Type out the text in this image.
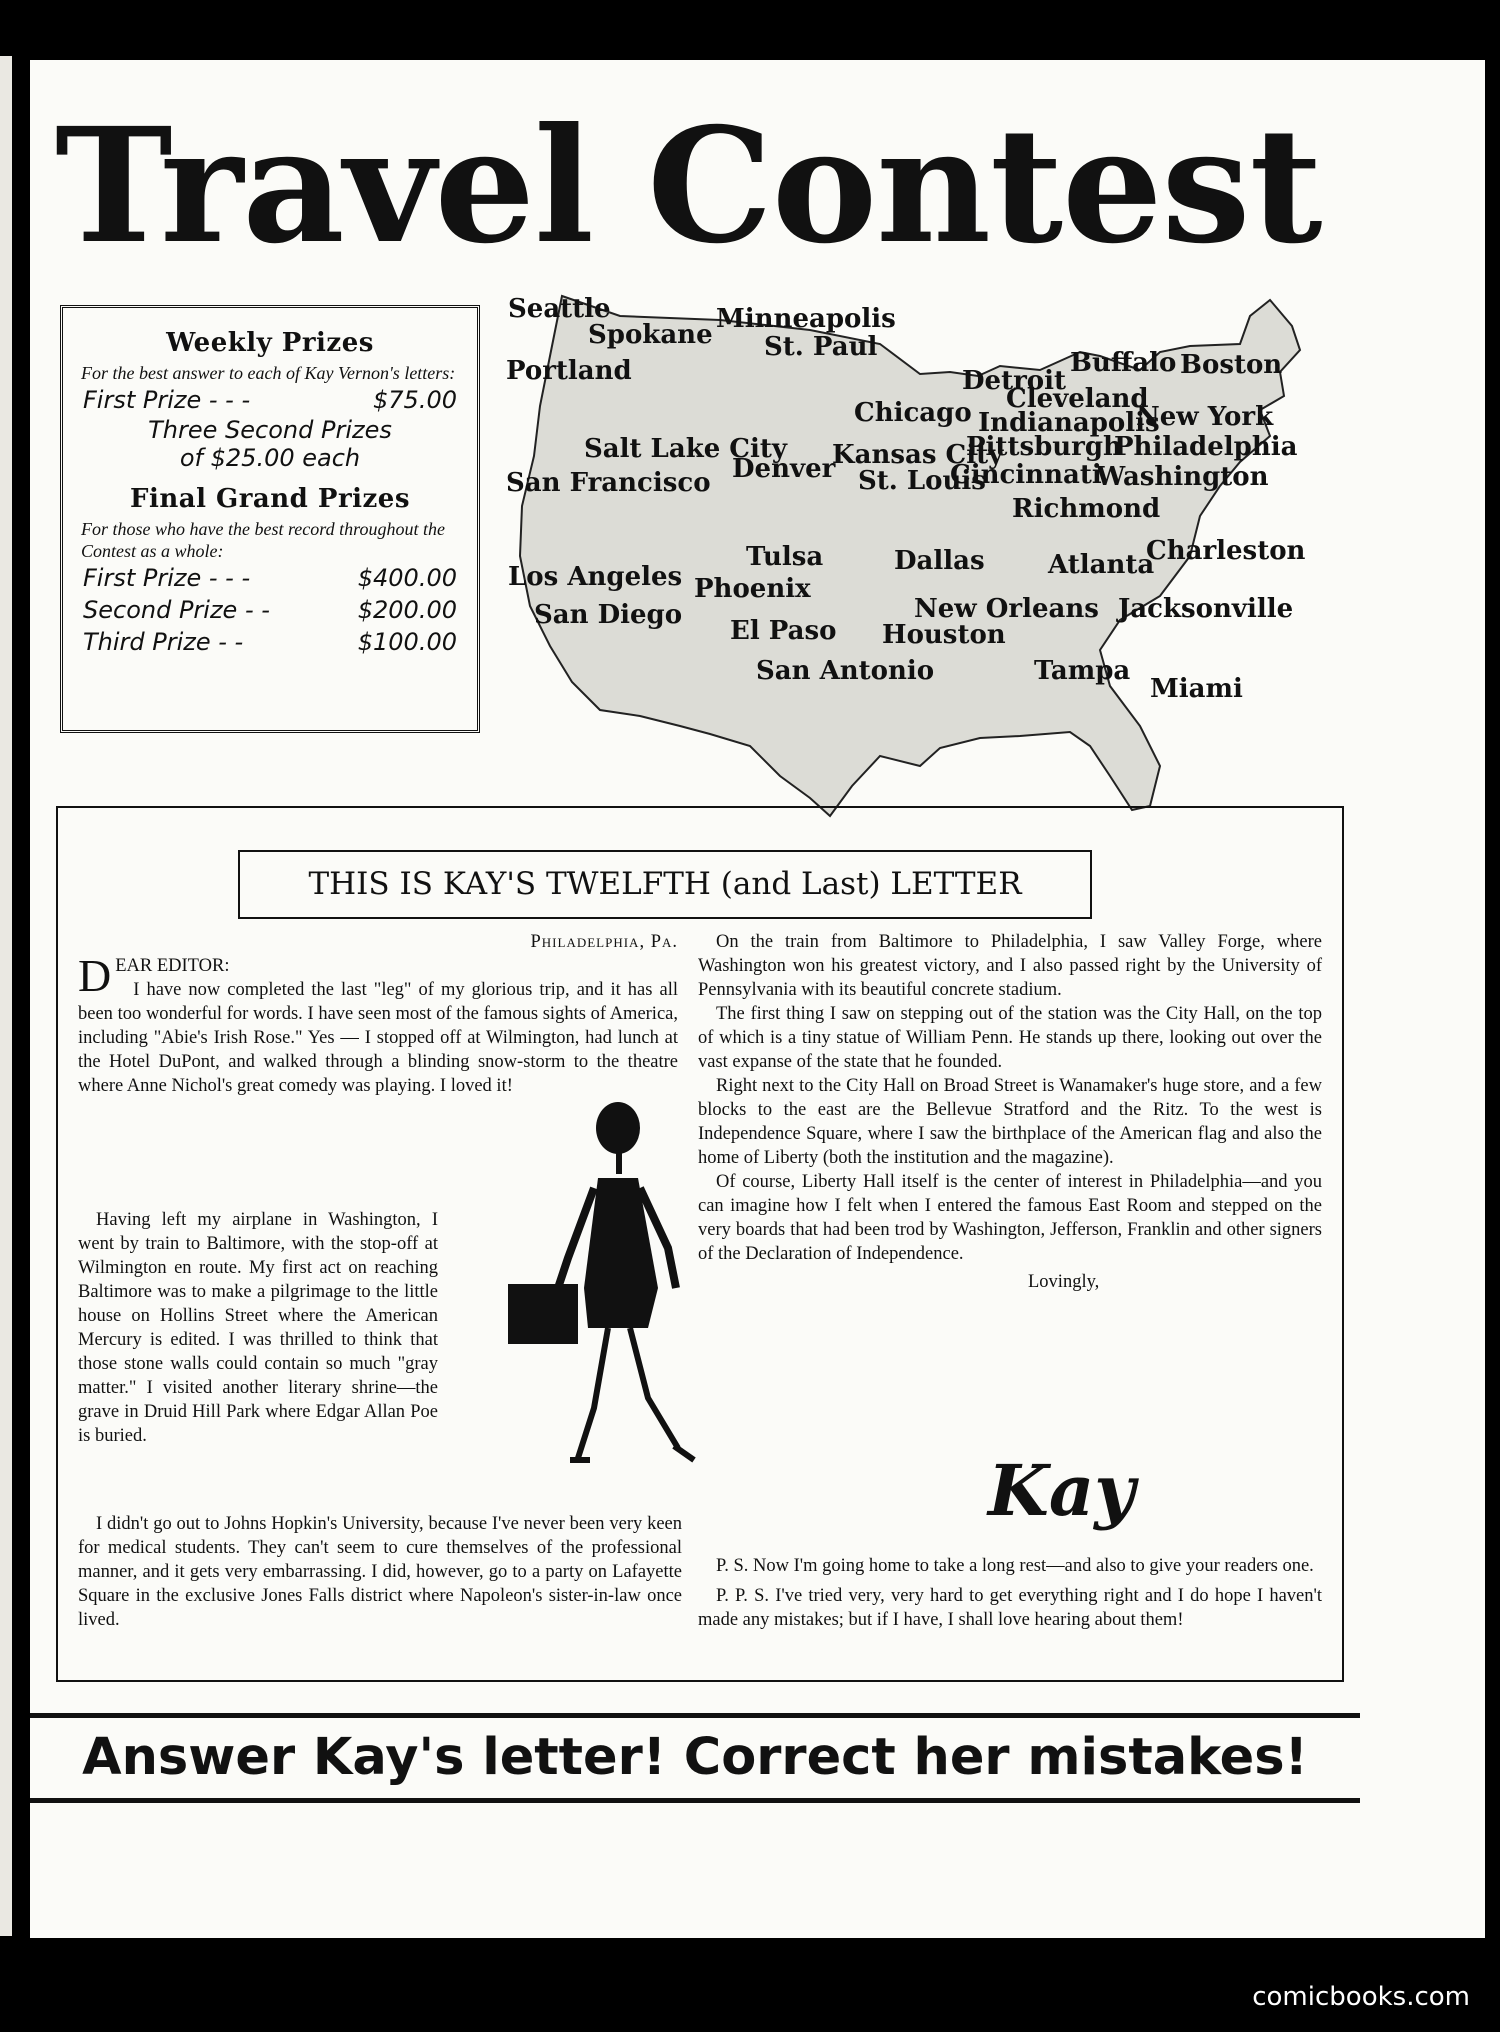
Travel Contest
Weekly Prizes
For the best answer to each of Kay Vernon's letters:
First Prize - - -	$75.00
Three Second Prizes
of $25.00 each
Final Grand Prizes
For those who have the best record throughout the Contest as a whole:
First Prize - - -	$400.00
Second Prize - -	$200.00
Third Prize - -	$100.00
Seattle
Spokane
Minneapolis
St. Paul
Portland	Detroit
Buffalo Boston
Chicago Cleveland
Indianapolis
New York
Salt Lake City Kansas City
Pittsburgh
Philadelphia
Denver St. Louis
Cincinnati
Washington
San Francisco
Richmond
Tulsa	Dallas Atlanta
Charleston
Los Angeles Phoenix
San Diego	New Orleans Jacksonville
El Paso Houston
San Antonio	Tampa
Miami
THIS IS KAY'S TWELFTH (and Last) LETTER
Philadelphia, Pa.
D EAR EDITOR:

I have now completed the last "leg" of my glorious trip, and it has all been too wonderful for words. I have seen most of the famous sights of America, including "Abie's Irish Rose." Yes — I stopped off at Wilmington, had lunch at the Hotel DuPont, and walked through a blinding snow-storm to the theatre where Anne Nichol's great comedy was playing. I loved it!

Having left my airplane in Washington, I went by train to Baltimore, with the stop-off at Wilmington en route. My first act on reaching Baltimore was to make a pilgrimage to the little house on Hollins Street where the American Mercury is edited. I was thrilled to think that those stone walls could contain so much "gray matter." I visited another literary shrine—the grave in Druid Hill Park where Edgar Allan Poe is buried.

I didn't go out to Johns Hopkin's University, because I've never been very keen for medical students. They can't seem to cure themselves of the professional manner, and it gets very embarrassing. I did, however, go to a party on Lafayette Square in the exclusive Jones Falls district where Napoleon's sister-in-law once lived.

On the train from Baltimore to Philadelphia, I saw Valley Forge, where Washington won his greatest victory, and I also passed right by the University of Pennsylvania with its beautiful concrete stadium.

The first thing I saw on stepping out of the station was the City Hall, on the top of which is a tiny statue of William Penn. He stands up there, looking out over the vast expanse of the state that he founded.

Right next to the City Hall on Broad Street is Wanamaker's huge store, and a few blocks to the east are the Bellevue Stratford and the Ritz. To the west is Independence Square, where I saw the birthplace of the American flag and also the home of Liberty (both the institution and the magazine).

Of course, Liberty Hall itself is the center of interest in Philadelphia—and you can imagine how I felt when I entered the famous East Room and stepped on the very boards that had been trod by Washington, Jefferson, Franklin and other signers of the Declaration of Independence.

Lovingly,
Kay

P. S. Now I'm going home to take a long rest—and also to give your readers one.

P. P. S. I've tried very, very hard to get everything right and I do hope I haven't made any mistakes; but if I have, I shall love hearing about them!

Answer Kay's letter! Correct her mistakes!
comicbooks.com
